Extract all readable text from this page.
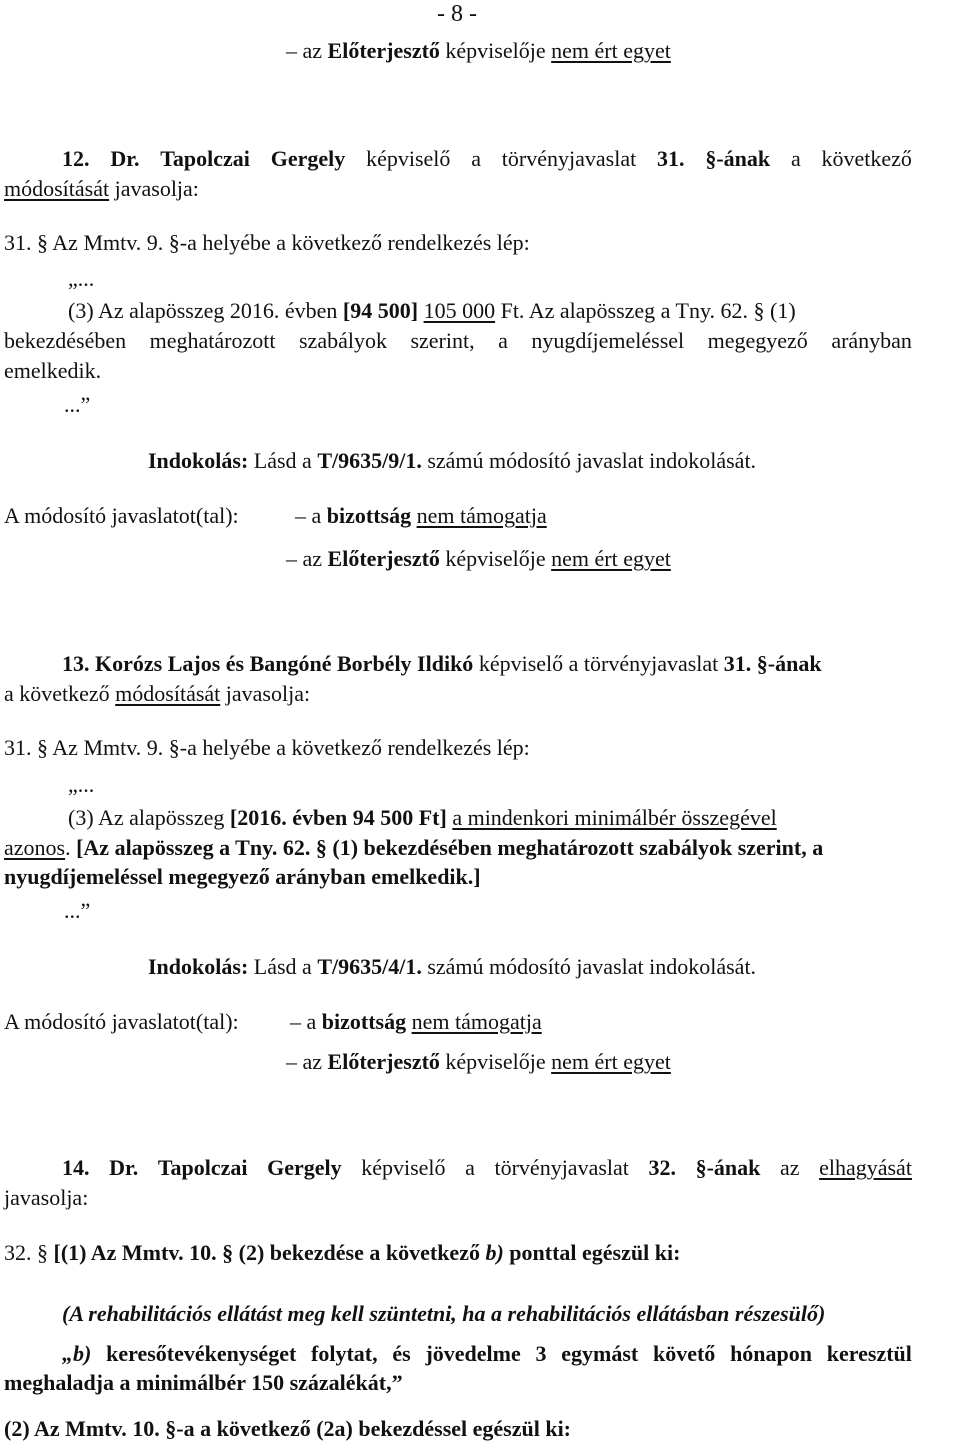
- 8 -
– az Előterjesztő képviselője nem ért egyet
12. Dr. Tapolczai Gergely képviselő a törvényjavaslat 31. §-ának a következő
módosítását javasolja:
31. § Az Mmtv. 9. §-a helyébe a következő rendelkezés lép:
„...
(3) Az alapösszeg 2016. évben [94 500] 105 000 Ft. Az alapösszeg a Tny. 62. § (1)
bekezdésében meghatározott szabályok szerint, a nyugdíjemeléssel megegyező arányban
emelkedik.
...”
Indokolás: Lásd a T/9635/9/1. számú módosító javaslat indokolását.
A módosító javaslatot(tal):	– a bizottság nem támogatja
– az Előterjesztő képviselője nem ért egyet
13. Korózs Lajos és Bangóné Borbély Ildikó képviselő a törvényjavaslat 31. §-ának
a következő módosítását javasolja:
31. § Az Mmtv. 9. §-a helyébe a következő rendelkezés lép:
„...
(3) Az alapösszeg [2016. évben 94 500 Ft] a mindenkori minimálbér összegével
azonos. [Az alapösszeg a Tny. 62. § (1) bekezdésében meghatározott szabályok szerint, a
nyugdíjemeléssel megegyező arányban emelkedik.]
...”
Indokolás: Lásd a T/9635/4/1. számú módosító javaslat indokolását.
A módosító javaslatot(tal): – a bizottság nem támogatja
– az Előterjesztő képviselője nem ért egyet
14. Dr. Tapolczai Gergely képviselő a törvényjavaslat 32. §-ának az elhagyását
javasolja:
32. § [(1) Az Mmtv. 10. § (2) bekezdése a következő b) ponttal egészül ki:
(A rehabilitációs ellátást meg kell szüntetni, ha a rehabilitációs ellátásban részesülő)
„b) keresőtevékenységet folytat, és jövedelme 3 egymást követő hónapon keresztül
meghaladja a minimálbér 150 százalékát,”
(2) Az Mmtv. 10. §-a a következő (2a) bekezdéssel egészül ki:
